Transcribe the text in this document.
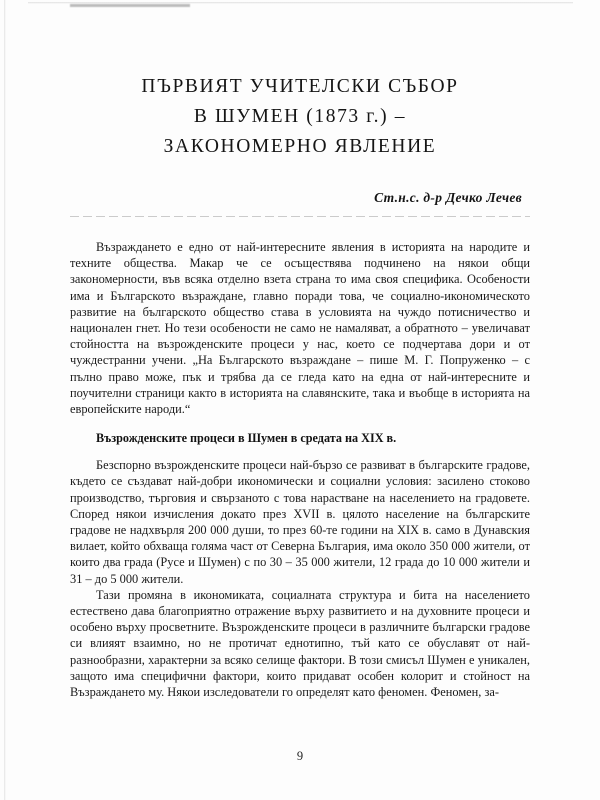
ПЪРВИЯТ УЧИТЕЛСКИ СЪБОР
В ШУМЕН (1873 г.) –
ЗАКОНОМЕРНО ЯВЛЕНИЕ
Ст.н.с. д-р Дечко Лечев

Възраждането е едно от най-интересните явления в историята на народите и техните общества. Макар че се осъществява подчинено на някои общи закономерности, във всяка отделно взета страна то има своя специфика. Особености има и Българското възраждане, главно поради това, че социално-икономическото развитие на българското общество става в условията на чуждо потисничество и национален гнет. Но тези особености не само не намаляват, а обратното – увеличават стойността на възрожденските процеси у нас, което се подчертава дори и от чуждестранни учени. „На Българското възраждане – пише М. Г. Попруженко – с пълно право може, пък и трябва да се гледа като на една от най-интересните и поучителни страници както в историята на славянските, така и въобще в историята на европейските народи.“

Възрожденските процеси в Шумен в средата на XIX в.

Безспорно възрожденските процеси най-бързо се развиват в българските градове, където се създават най-добри икономически и социални условия: засилено стоково производство, търговия и свързаното с това нарастване на населението на градовете. Според някои изчисления докато през XVII в. цялото население на българските градове не надхвърля 200 000 души, то през 60-те години на XIX в. само в Дунавския вилает, който обхваща голяма част от Северна България, има около 350 000 жители, от които два града (Русе и Шумен) с по 30 – 35 000 жители, 12 града до 10 000 жители и 31 – до 5 000 жители.

Тази промяна в икономиката, социалната структура и бита на населението естествено дава благоприятно отражение върху развитието и на духовните процеси и особено върху просветните. Възрожденските процеси в различните български градове си влияят взаимно, но не протичат еднотипно, тъй като се обуславят от най-разнообразни, характерни за всяко селище фактори. В този смисъл Шумен е уникален, защото има специфични фактори, които придават особен колорит и стойност на Възраждането му. Някои изследователи го определят като феномен. Феномен, за-

9
